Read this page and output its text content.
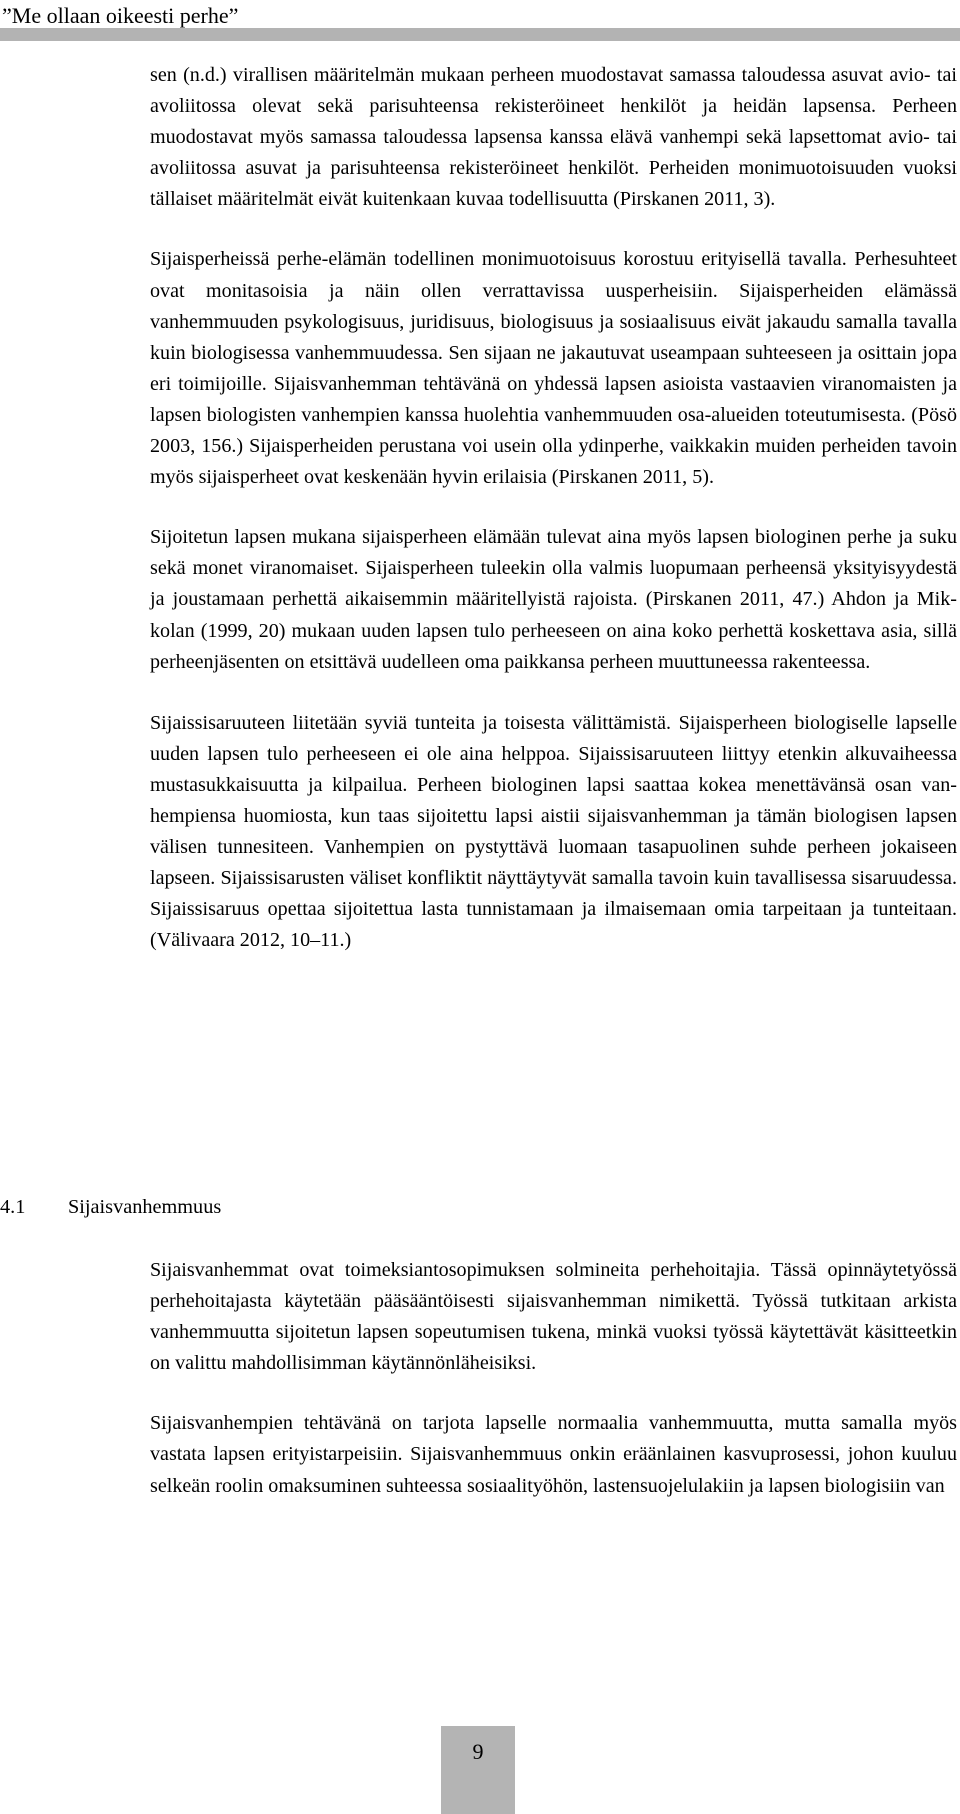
”Me ollaan oikeesti perhe”

sen (n.d.) virallisen määritelmän mukaan perheen muodostavat samassa taloudessa asuvat avio- tai avoliitossa olevat sekä parisuhteensa rekisteröineet henkilöt ja heidän lapsensa. Perheen muodostavat myös samassa taloudessa lapsensa kanssa elävä vanhempi sekä lapsettomat avio- tai avoliitossa asuvat ja parisuhteensa rekisteröineet henkilöt. Perheiden monimuotoisuuden vuoksi tällaiset määritelmät eivät kuitenkaan kuvaa todellisuutta (Pirskanen 2011, 3).

Sijaisperheissä perhe-elämän todellinen monimuotoisuus korostuu erityisellä tavalla. Perhesuhteet ovat monitasoisia ja näin ollen verrattavissa uusperheisiin. Sijaisperheiden elämässä vanhemmuuden psykologisuus, juridisuus, biologisuus ja sosiaalisuus eivät jakaudu samalla tavalla kuin biologisessa vanhemmuudessa. Sen sijaan ne jakautuvat useampaan suhteeseen ja osittain jopa eri toimijoille. Sijaisvanhemman tehtävänä on yhdessä lapsen asioista vastaavien viranomaisten ja lapsen biologisten vanhempien kanssa huolehtia vanhemmuuden osa-alueiden toteutumisesta. (Pösö 2003, 156.) Sijaisperheiden perustana voi usein olla ydinperhe, vaikkakin muiden perheiden tavoin myös sijaisperheet ovat keskenään hyvin erilaisia (Pirskanen 2011, 5).

Sijoitetun lapsen mukana sijaisperheen elämään tulevat aina myös lapsen biologinen perhe ja suku sekä monet viranomaiset. Sijaisperheen tuleekin olla valmis luopumaan perheensä yksityisyydestä ja joustamaan perhettä aikaisemmin määritellyistä rajoista. (Pirskanen 2011, 47.) Ahdon ja Mikkolan (1999, 20) mukaan uuden lapsen tulo perheeseen on aina koko perhettä koskettava asia, sillä perheenjäsenten on etsittävä uudelleen oma paikkansa perheen muuttuneessa rakenteessa.

Sijaissisaruuteen liitetään syviä tunteita ja toisesta välittämistä. Sijaisperheen biologiselle lapselle uuden lapsen tulo perheeseen ei ole aina helppoa. Sijaissisaruuteen liittyy etenkin alkuvaiheessa mustasukkaisuutta ja kilpailua. Perheen biologinen lapsi saattaa kokea menettävänsä osan vanhempiensa huomiosta, kun taas sijoitettu lapsi aistii sijaisvanhemman ja tämän biologisen lapsen välisen tunnesiteen. Vanhempien on pystyttävä luomaan tasapuolinen suhde perheen jokaiseen lapseen. Sijaissisarusten väliset konfliktit näyttäytyvät samalla tavoin kuin tavallisessa sisaruudessa. Sijaissisaruus opettaa sijoitettua lasta tunnistamaan ja ilmaisemaan omia tarpeitaan ja tunteitaan. (Välivaara 2012, 10–11.)

4.1 Sijaisvanhemmuus

Sijaisvanhemmat ovat toimeksiantosopimuksen solmineita perhehoitajia. Tässä opinnäytetyössä perhehoitajasta käytetään pääsääntöisesti sijaisvanhemman nimikettä. Työssä tutkitaan arkista vanhemmuutta sijoitetun lapsen sopeutumisen tukena, minkä vuoksi työssä käytettävät käsitteetkin on valittu mahdollisimman käytännönläheisiksi.

Sijaisvanhempien tehtävänä on tarjota lapselle normaalia vanhemmuutta, mutta samalla myös vastata lapsen erityistarpeisiin. Sijaisvanhemmuus onkin eräänlainen kasvuprosessi, johon kuuluu selkeän roolin omaksuminen suhteessa sosiaalityöhön, lastensuojelulakiin ja lapsen biologisiin van

9
